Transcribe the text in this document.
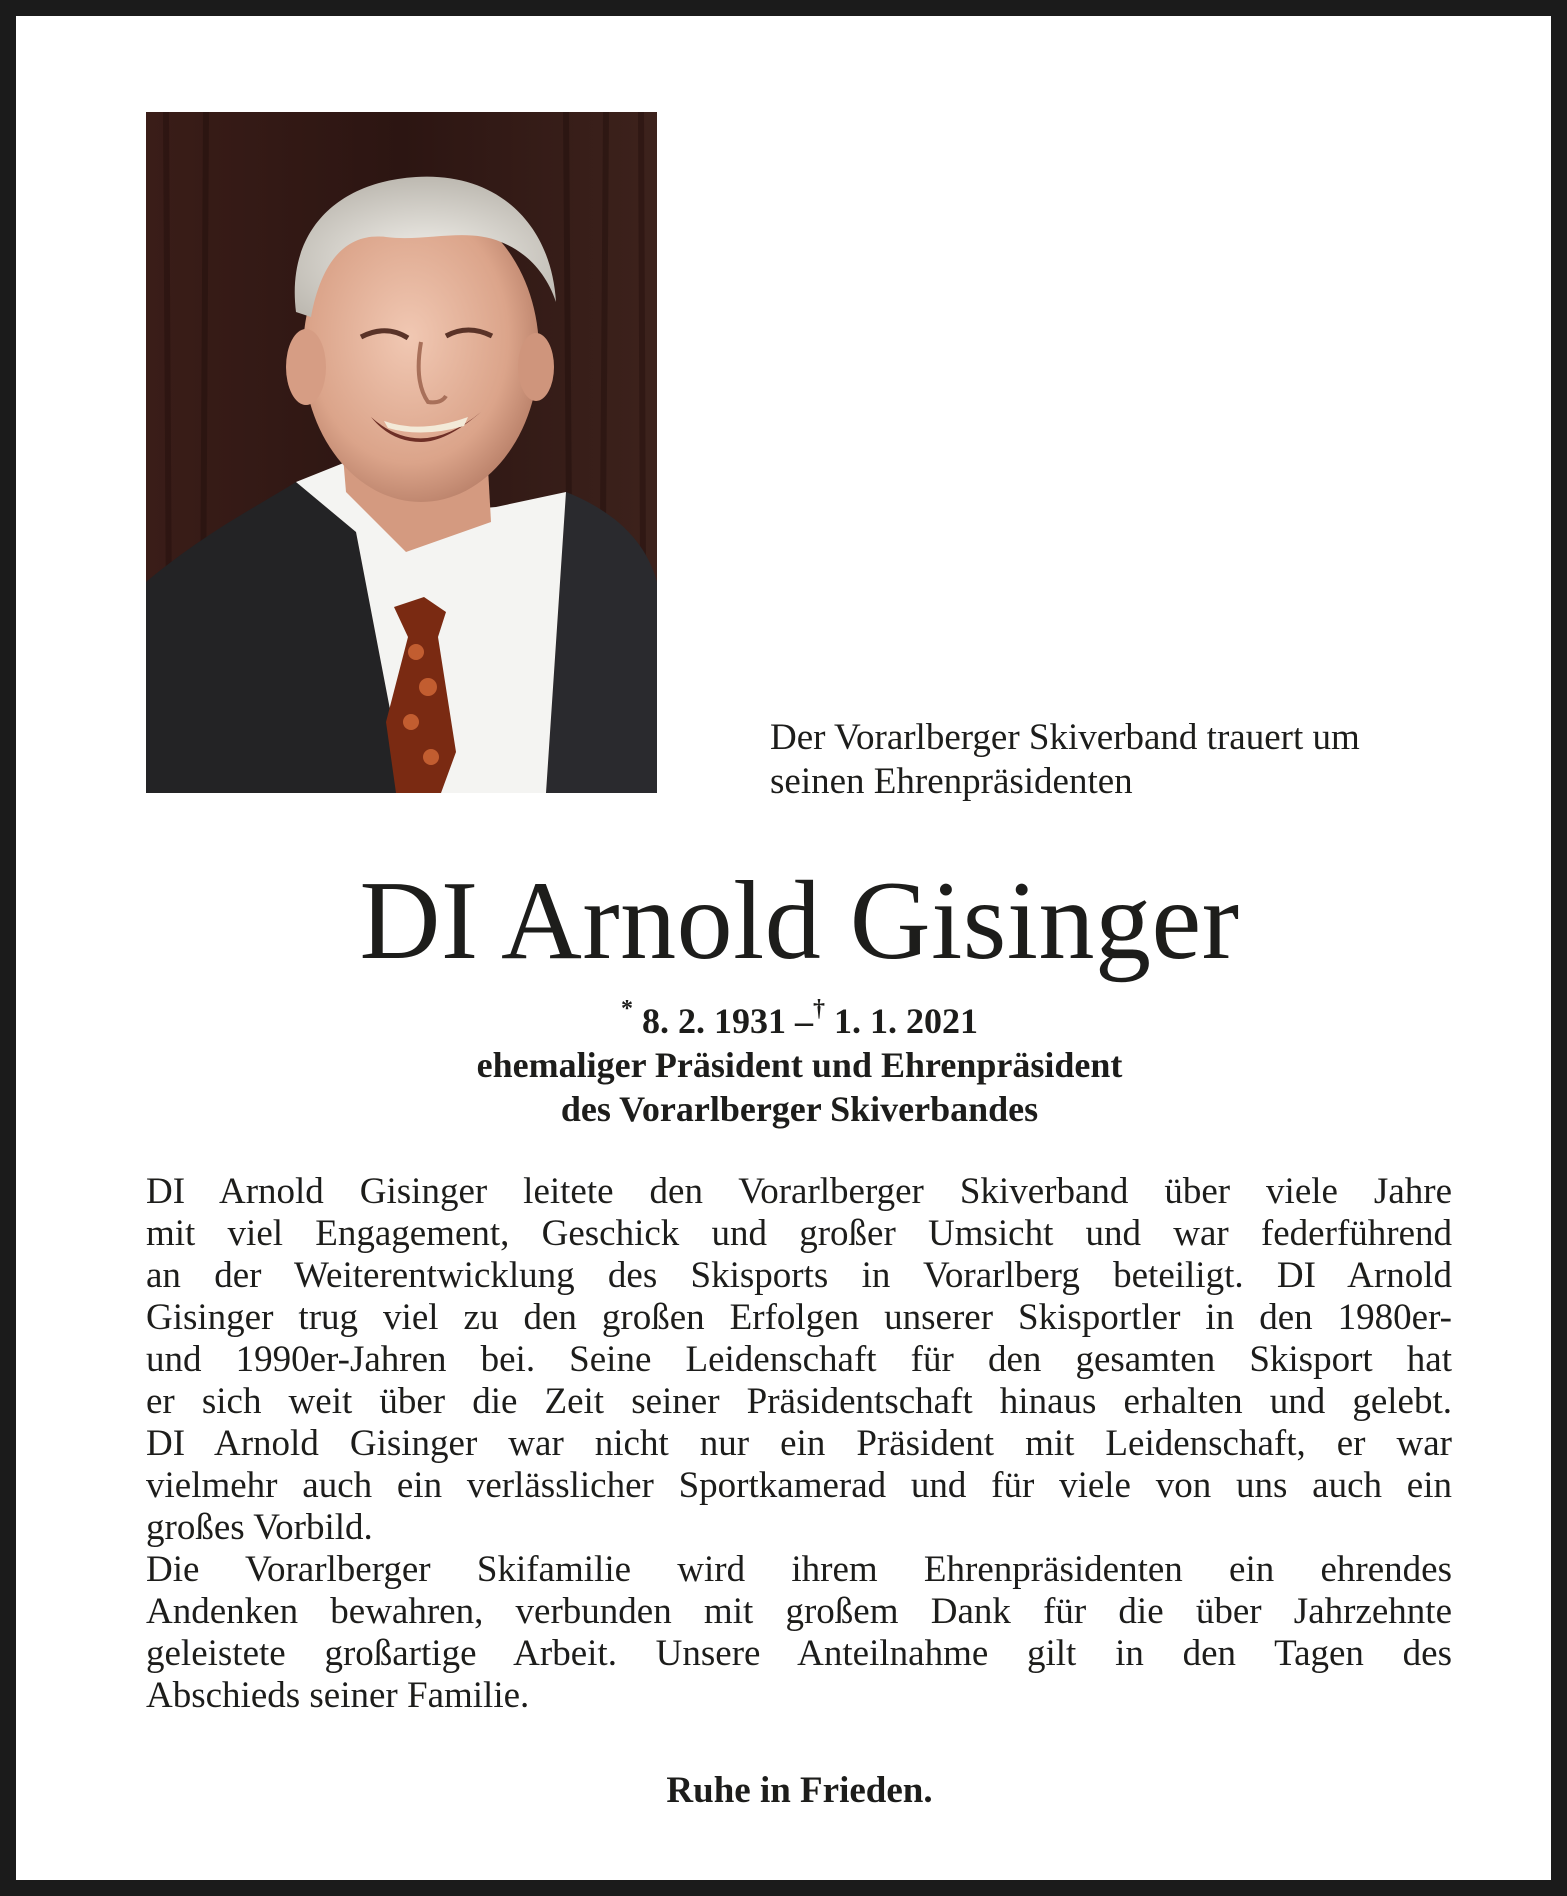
Der Vorarlberger Skiverband trauert um
seinen Ehrenpräsidenten
DI Arnold Gisinger
* 8. 2. 1931 –† 1. 1. 2021
ehemaliger Präsident und Ehrenpräsident
des Vorarlberger Skiverbandes
DI Arnold Gisinger leitete den Vorarlberger Skiverband über viele Jahre
mit viel Engagement, Geschick und großer Umsicht und war federführend
an der Weiterentwicklung des Skisports in Vorarlberg beteiligt. DI Arnold
Gisinger trug viel zu den großen Erfolgen unserer Skisportler in den 1980er-
und 1990er-Jahren bei. Seine Leidenschaft für den gesamten Skisport hat
er sich weit über die Zeit seiner Präsidentschaft hinaus erhalten und gelebt.
DI Arnold Gisinger war nicht nur ein Präsident mit Leidenschaft, er war
vielmehr auch ein verlässlicher Sportkamerad und für viele von uns auch ein
großes Vorbild.
Die Vorarlberger Skifamilie wird ihrem Ehrenpräsidenten ein ehrendes
Andenken bewahren, verbunden mit großem Dank für die über Jahrzehnte
geleistete großartige Arbeit. Unsere Anteilnahme gilt in den Tagen des
Abschieds seiner Familie.
Ruhe in Frieden.
